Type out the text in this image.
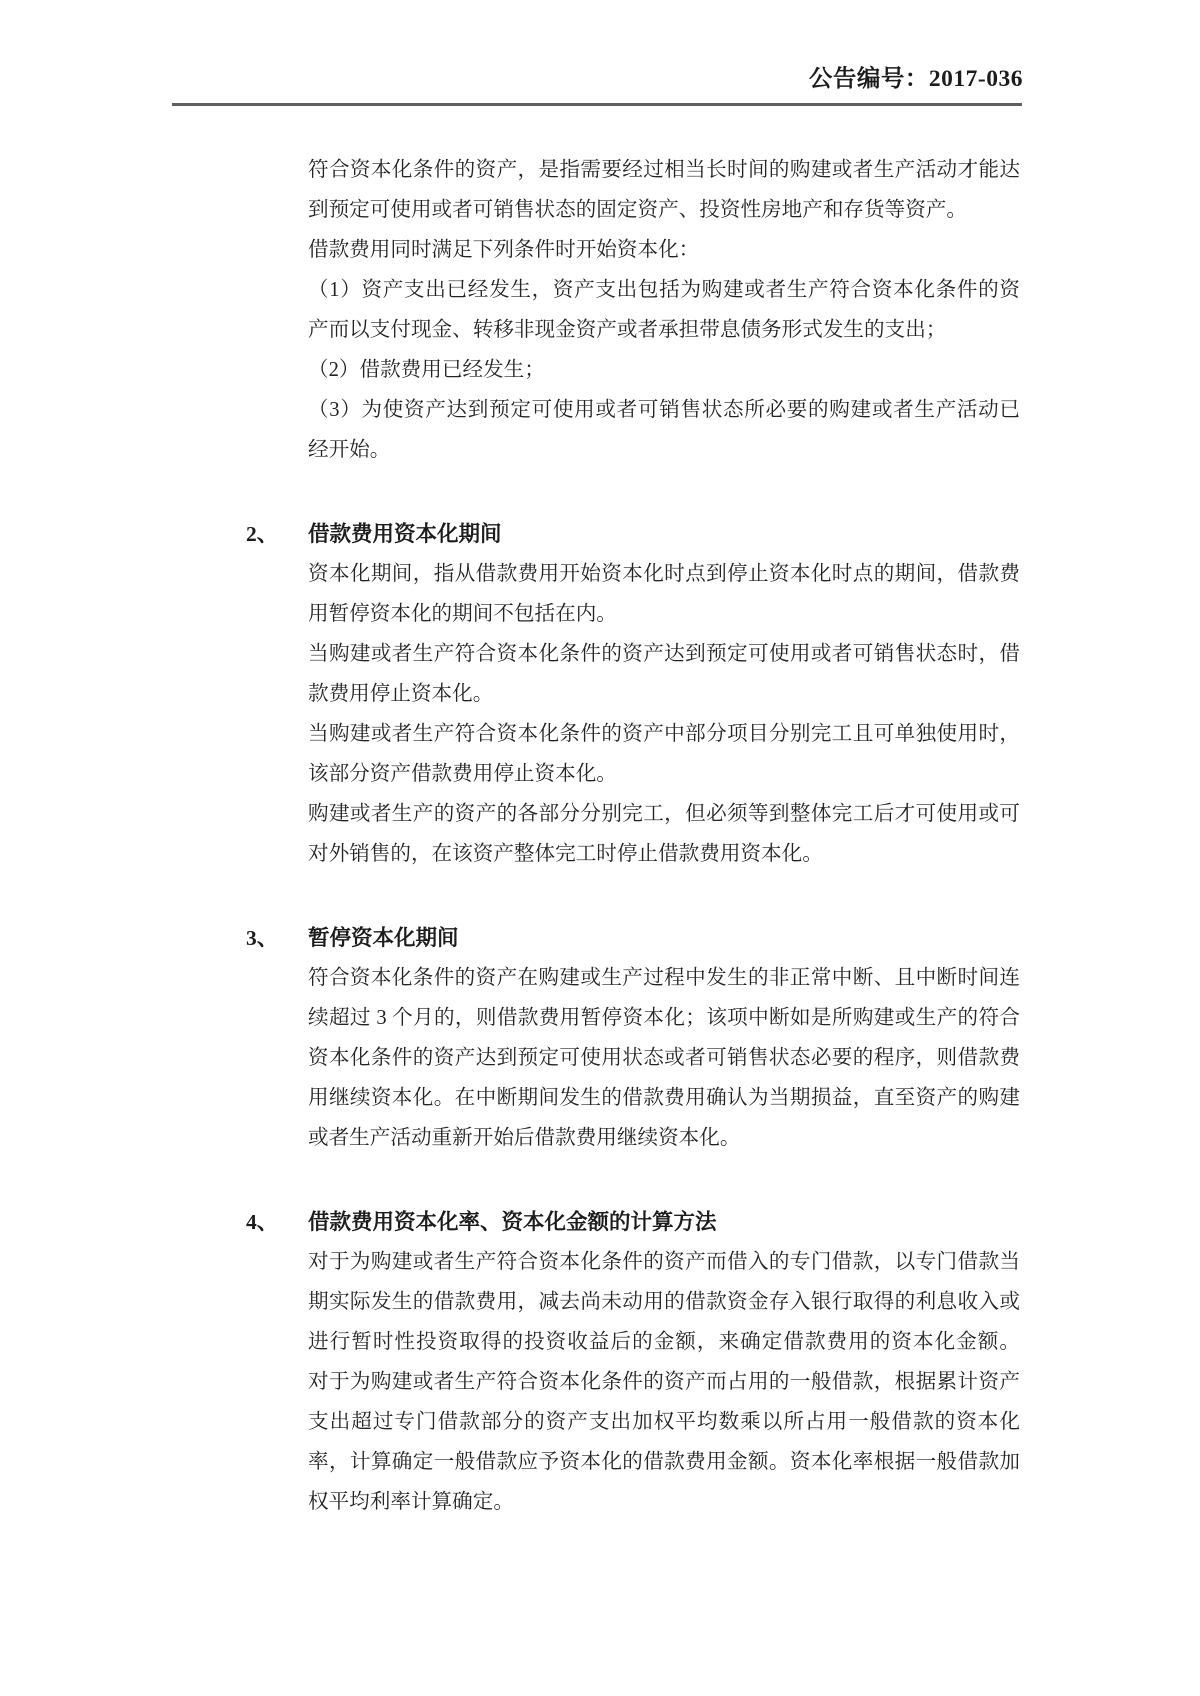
公告编号：2017-036
符合资本化条件的资产，是指需要经过相当长时间的购建或者生产活动才能达
到预定可使用或者可销售状态的固定资产、投资性房地产和存货等资产。
借款费用同时满足下列条件时开始资本化：
（1）资产支出已经发生，资产支出包括为购建或者生产符合资本化条件的资
产而以支付现金、转移非现金资产或者承担带息债务形式发生的支出；
（2）借款费用已经发生；
（3）为使资产达到预定可使用或者可销售状态所必要的购建或者生产活动已
经开始。
2、	借款费用资本化期间
资本化期间，指从借款费用开始资本化时点到停止资本化时点的期间，借款费
用暂停资本化的期间不包括在内。
当购建或者生产符合资本化条件的资产达到预定可使用或者可销售状态时，借
款费用停止资本化。
当购建或者生产符合资本化条件的资产中部分项目分别完工且可单独使用时，
该部分资产借款费用停止资本化。
购建或者生产的资产的各部分分别完工，但必须等到整体完工后才可使用或可
对外销售的，在该资产整体完工时停止借款费用资本化。
3、	暂停资本化期间
符合资本化条件的资产在购建或生产过程中发生的非正常中断、且中断时间连
续超过 3 个月的，则借款费用暂停资本化；该项中断如是所购建或生产的符合
资本化条件的资产达到预定可使用状态或者可销售状态必要的程序，则借款费
用继续资本化。在中断期间发生的借款费用确认为当期损益，直至资产的购建
或者生产活动重新开始后借款费用继续资本化。
4、	借款费用资本化率、资本化金额的计算方法
对于为购建或者生产符合资本化条件的资产而借入的专门借款，以专门借款当
期实际发生的借款费用，减去尚未动用的借款资金存入银行取得的利息收入或
进行暂时性投资取得的投资收益后的金额，来确定借款费用的资本化金额。
对于为购建或者生产符合资本化条件的资产而占用的一般借款，根据累计资产
支出超过专门借款部分的资产支出加权平均数乘以所占用一般借款的资本化
率，计算确定一般借款应予资本化的借款费用金额。资本化率根据一般借款加
权平均利率计算确定。
